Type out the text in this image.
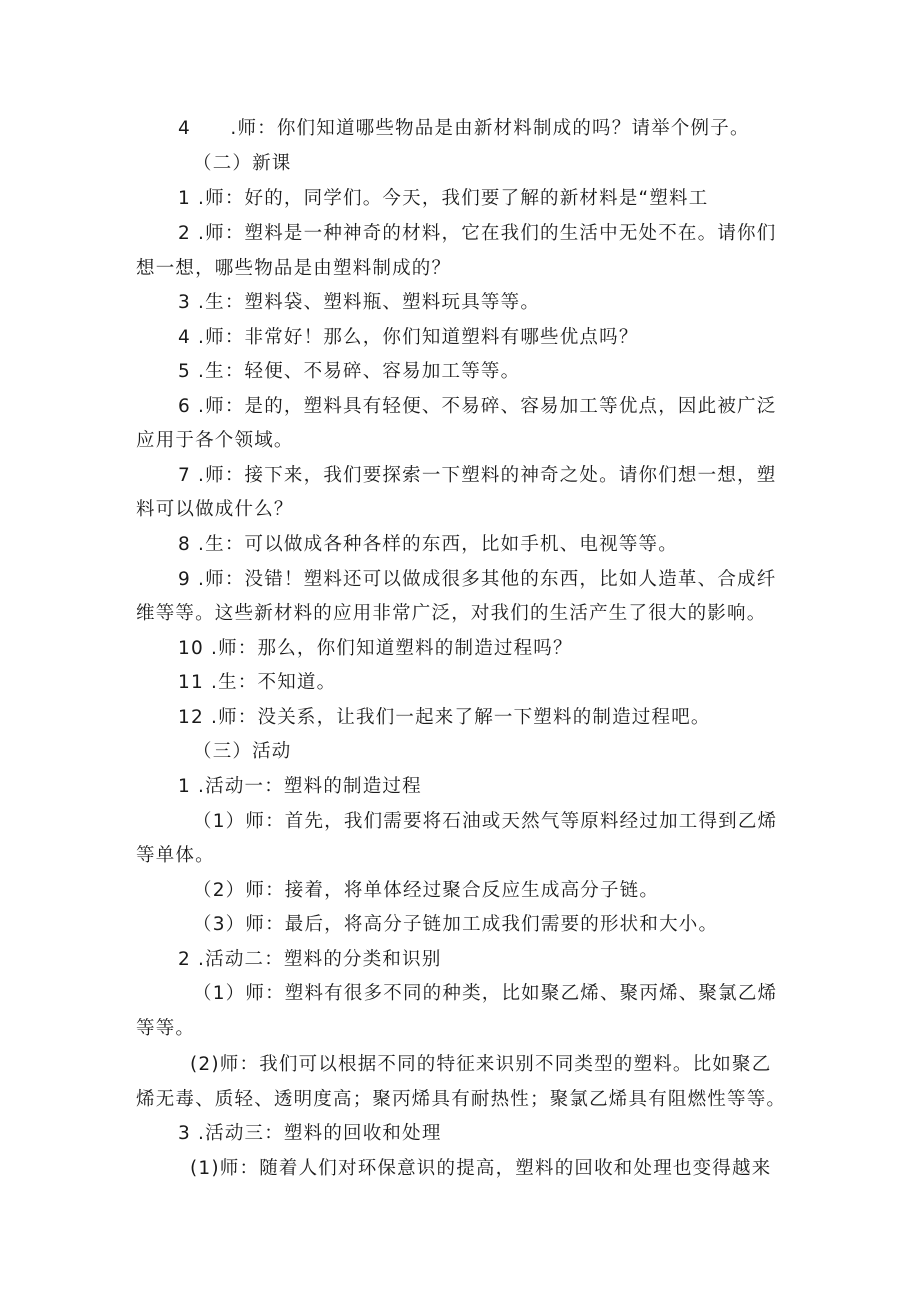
4　　.师：你们知道哪些物品是由新材料制成的吗？请举个例子。
（二）新课
1 .师：好的，同学们。今天，我们要了解的新材料是“塑料工
2 .师：塑料是一种神奇的材料，它在我们的生活中无处不在。请你们
想一想，哪些物品是由塑料制成的？
3 .生：塑料袋、塑料瓶、塑料玩具等等。
4 .师：非常好！那么，你们知道塑料有哪些优点吗？
5 .生：轻便、不易碎、容易加工等等。
6 .师：是的，塑料具有轻便、不易碎、容易加工等优点，因此被广泛
应用于各个领域。
7 .师：接下来，我们要探索一下塑料的神奇之处。请你们想一想，塑
料可以做成什么？
8 .生：可以做成各种各样的东西，比如手机、电视等等。
9 .师：没错！塑料还可以做成很多其他的东西，比如人造革、合成纤
维等等。这些新材料的应用非常广泛，对我们的生活产生了很大的影响。
10 .师：那么，你们知道塑料的制造过程吗？
11 .生：不知道。
12 .师：没关系，让我们一起来了解一下塑料的制造过程吧。
（三）活动
1 .活动一：塑料的制造过程
（1）师：首先，我们需要将石油或天然气等原料经过加工得到乙烯
等单体。
（2）师：接着，将单体经过聚合反应生成高分子链。
（3）师：最后，将高分子链加工成我们需要的形状和大小。
2 .活动二：塑料的分类和识别
（1）师：塑料有很多不同的种类，比如聚乙烯、聚丙烯、聚氯乙烯
等等。
(2)师：我们可以根据不同的特征来识别不同类型的塑料。比如聚乙
烯无毒、质轻、透明度高；聚丙烯具有耐热性；聚氯乙烯具有阻燃性等等。
3 .活动三：塑料的回收和处理
(1)师：随着人们对环保意识的提高，塑料的回收和处理也变得越来
